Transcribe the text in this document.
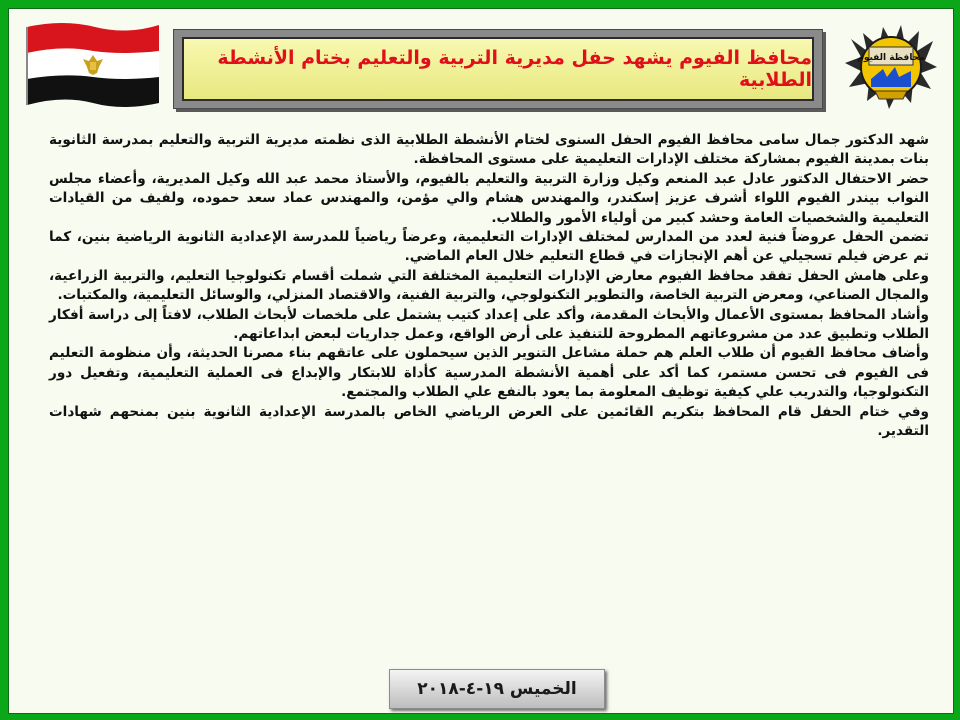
محافظ الفيوم يشهد حفل مديرية التربية والتعليم بختام الأنشطة الطلابية
محافظة الفيوم

شهد الدكتور جمال سامى محافظ الفيوم الحفل السنوى لختام الأنشطة الطلابية الذى نظمته مديرية التربية والتعليم بمدرسة الثانوية بنات بمدينة الفيوم بمشاركة مختلف الإدارات التعليمية على مستوى المحافظة.

حضر الاحتفال الدكتور عادل عبد المنعم وكيل وزارة التربية والتعليم بالفيوم، والأستاذ محمد عبد الله وكيل المديرية، وأعضاء مجلس النواب بيندر الفيوم اللواء أشرف عزيز إسكندر، والمهندس هشام والي مؤمن، والمهندس عماد سعد حموده، ولفيف من القيادات التعليمية والشخصيات العامة وحشد كبير من أولياء الأمور والطلاب.

تضمن الحفل عروضاً فنية لعدد من المدارس لمختلف الإدارات التعليمية، وعرضاً رياضياً للمدرسة الإعدادية الثانوية الرياضية بنين، كما تم عرض فيلم تسجيلي عن أهم الإنجازات في قطاع التعليم خلال العام الماضي.

وعلى هامش الحفل تفقد محافظ الفيوم معارض الإدارات التعليمية المختلفة التي شملت أقسام تكنولوجيا التعليم، والتربية الزراعية، والمجال الصناعي، ومعرض التربية الخاصة، والتطوير التكنولوجي، والتربية الفنية، والاقتصاد المنزلي، والوسائل التعليمية، والمكتبات.

وأشاد المحافظ بمستوى الأعمال والأبحاث المقدمة، وأكد على إعداد كتيب يشتمل على ملخصات لأبحاث الطلاب، لافتاً إلى دراسة أفكار الطلاب وتطبيق عدد من مشروعاتهم المطروحة للتنفيذ على أرض الواقع، وعمل جداريات لبعض ابداعاتهم.

وأضاف محافظ الفيوم أن طلاب العلم هم حملة مشاعل التنوير الذين سيحملون على عاتقهم بناء مصرنا الحديثة، وأن منظومة التعليم فى الفيوم فى تحسن مستمر، كما أكد على أهمية الأنشطة المدرسية كأداة للابتكار والإبداع فى العملية التعليمية، وتفعيل دور التكنولوجيا، والتدريب علي كيفية توظيف المعلومة بما يعود بالنفع علي الطلاب والمجتمع.

وفي ختام الحفل قام المحافظ بتكريم القائمين على العرض الرياضي الخاص بالمدرسة الإعدادية الثانوية بنين بمنحهم شهادات التقدير.

الخميس ١٩-٤-٢٠١٨
